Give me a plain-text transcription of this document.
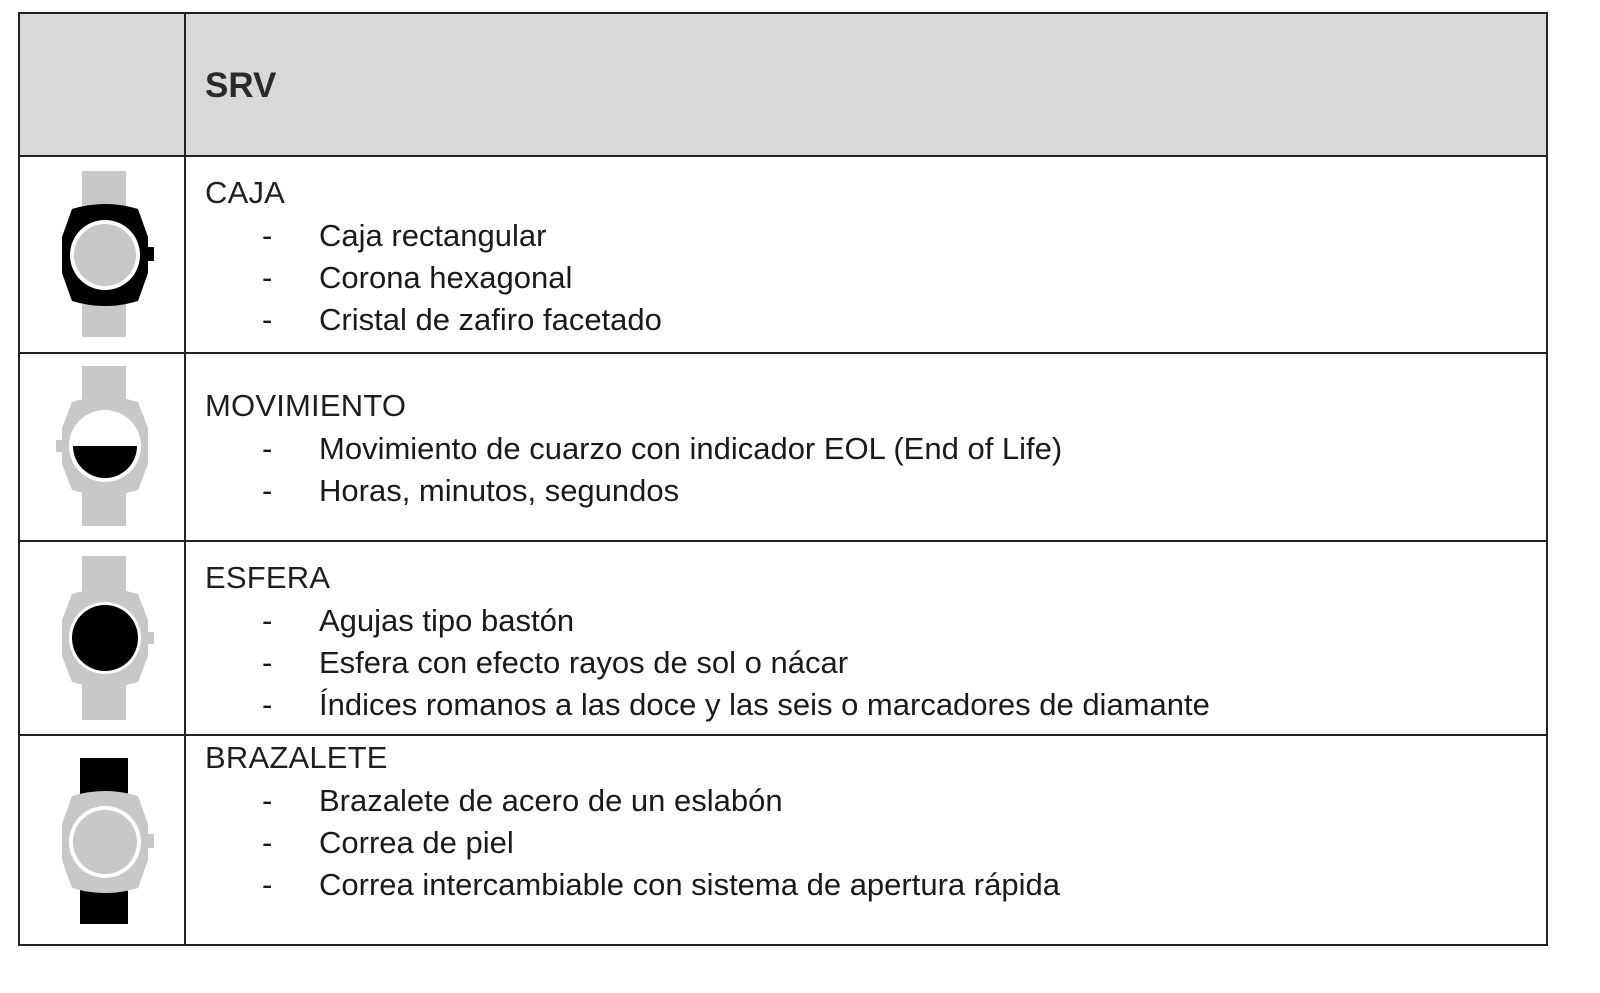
SRV
CAJA
- Caja rectangular
- Corona hexagonal
- Cristal de zafiro facetado
MOVIMIENTO
- Movimiento de cuarzo con indicador EOL (End of Life)
- Horas, minutos, segundos
ESFERA
- Agujas tipo bastón
- Esfera con efecto rayos de sol o nácar
- Índices romanos a las doce y las seis o marcadores de diamante
BRAZALETE
- Brazalete de acero de un eslabón
- Correa de piel
- Correa intercambiable con sistema de apertura rápida
